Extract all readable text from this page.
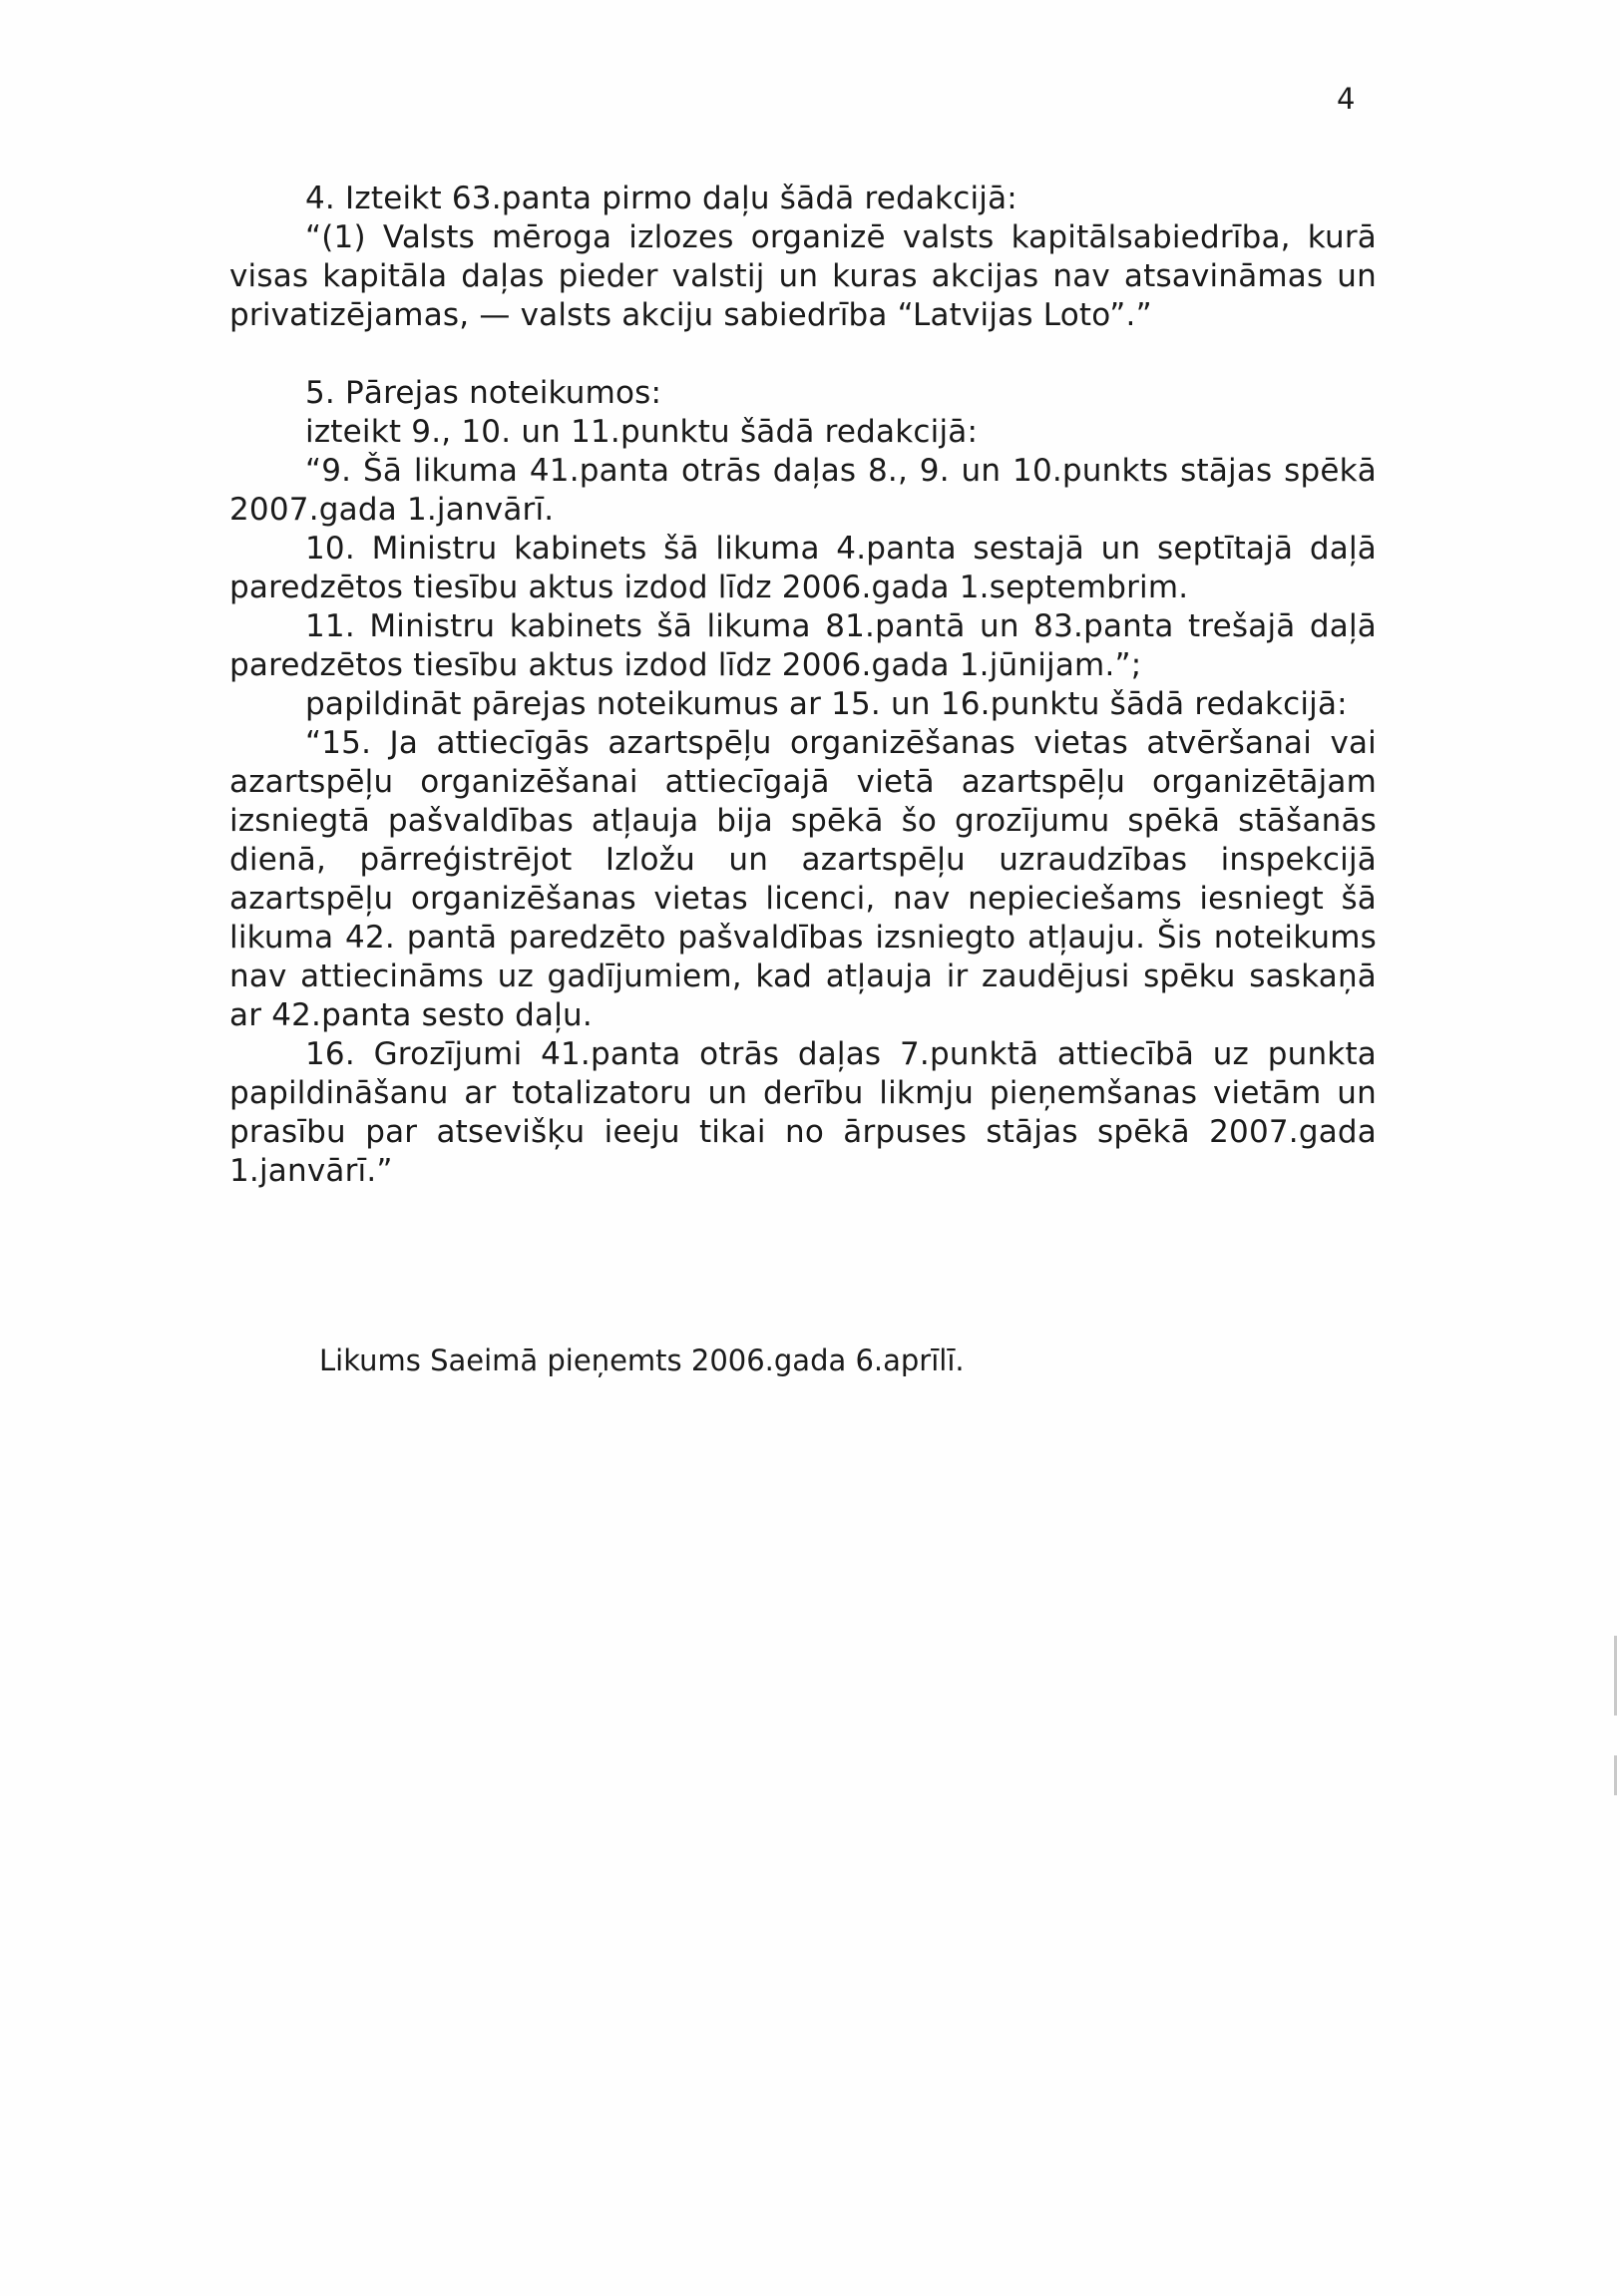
4

4. Izteikt 63.panta pirmo daļu šādā redakcijā:

“(1) Valsts mēroga izlozes organizē valsts kapitālsabiedrība, kurā visas kapitāla daļas pieder valstij un kuras akcijas nav atsavināmas un privatizējamas, — valsts akciju sabiedrība “Latvijas Loto”.”

5. Pārejas noteikumos:

izteikt 9., 10. un 11.punktu šādā redakcijā:

“9. Šā likuma 41.panta otrās daļas 8., 9. un 10.punkts stājas spēkā 2007.gada 1.janvārī.

10. Ministru kabinets šā likuma 4.panta sestajā un septītajā daļā paredzētos tiesību aktus izdod līdz 2006.gada 1.septembrim.

11. Ministru kabinets šā likuma 81.pantā un 83.panta trešajā daļā paredzētos tiesību aktus izdod līdz 2006.gada 1.jūnijam.”;

papildināt pārejas noteikumus ar 15. un 16.punktu šādā redakcijā:

“15. Ja attiecīgās azartspēļu organizēšanas vietas atvēršanai vai azartspēļu organizēšanai attiecīgajā vietā azartspēļu organizētājam izsniegtā pašvaldības atļauja bija spēkā šo grozījumu spēkā stāšanās dienā, pārreģistrējot Izložu un azartspēļu uzraudzības inspekcijā azartspēļu organizēšanas vietas licenci, nav nepieciešams iesniegt šā likuma 42. pantā paredzēto pašvaldības izsniegto atļauju. Šis noteikums nav attiecināms uz gadījumiem, kad atļauja ir zaudējusi spēku saskaņā ar 42.panta sesto daļu.

16. Grozījumi 41.panta otrās daļas 7.punktā attiecībā uz punkta papildināšanu ar totalizatoru un derību likmju pieņemšanas vietām un prasību par atsevišķu ieeju tikai no ārpuses stājas spēkā 2007.gada 1.janvārī.”

Likums Saeimā pieņemts 2006.gada 6.aprīlī.
